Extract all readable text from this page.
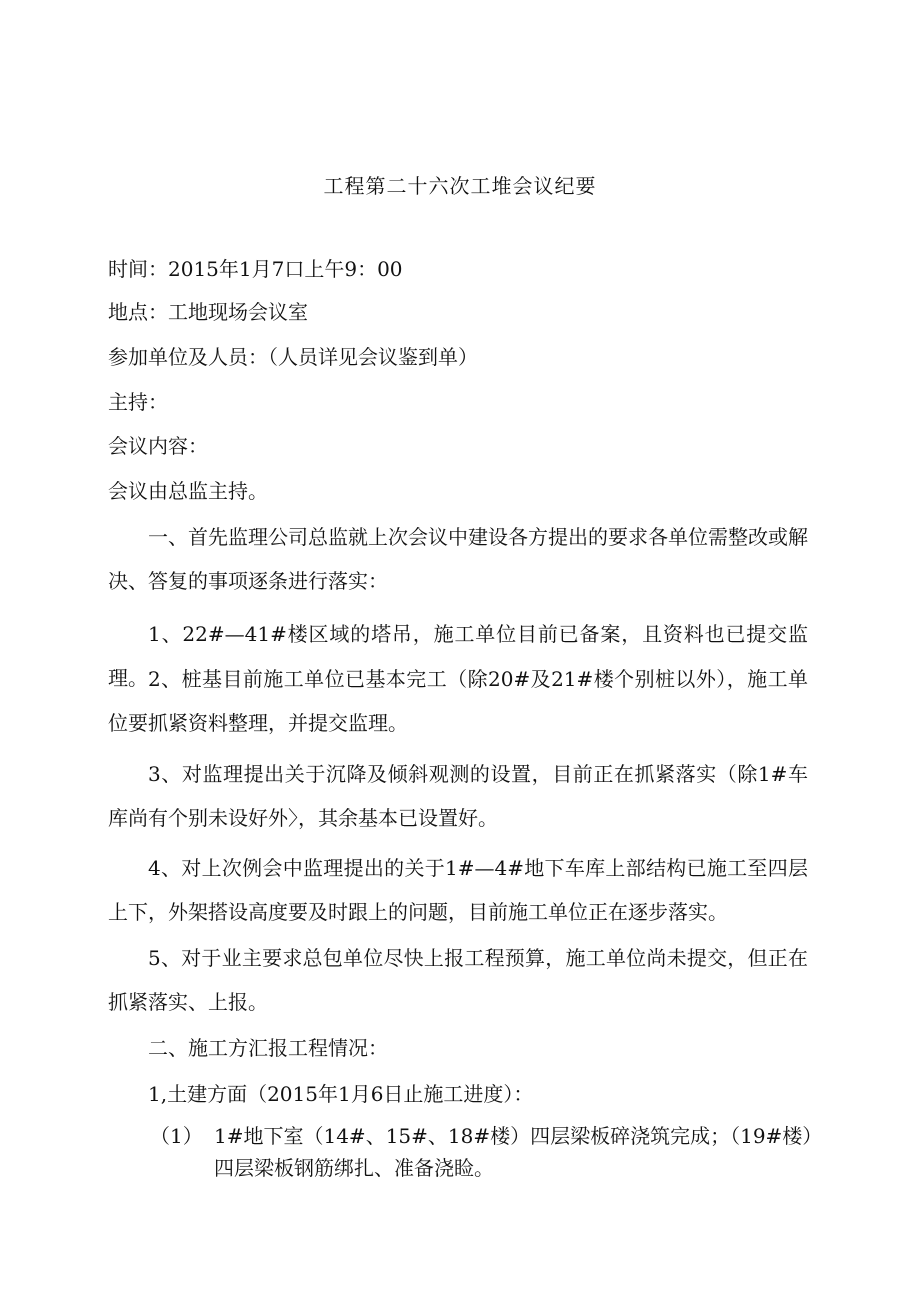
工程第二十六次工堆会议纪要
时间：2015年1月7口上午9：00
地点：工地现场会议室
参加单位及人员：（人员详见会议鉴到单）
主持：
会议内容：
会议由总监主持。
一、首先监理公司总监就上次会议中建设各方提出的要求各单位需整改或解决、答复的事项逐条进行落实：
1、22#—41#楼区域的塔吊，施工单位目前已备案，且资料也已提交监理。 2、桩基目前施工单位已基本完工（除20#及21#楼个别桩以外），施工单位要抓紧资料整理，并提交监理。
3、对监理提出关于沉降及倾斜观测的设置，目前正在抓紧落实（除1#车库尚有个别未设好外〉，其余基本已设置好。
4、对上次例会中监理提出的关于1#—4#地下车库上部结构已施工至四层上下，外架搭设高度要及时跟上的问题，目前施工单位正在逐步落实。
5、对于业主要求总包单位尽快上报工程预算，施工单位尚未提交，但正在抓紧落实、上报。
二、施工方汇报工程情况：
1,土建方面（2015年1月6日止施工进度）：
（1） 1#地下室（14#、15#、18#楼）四层梁板碎浇筑完成；（19#楼）四层梁板钢筋绑扎、准备浇睑。
